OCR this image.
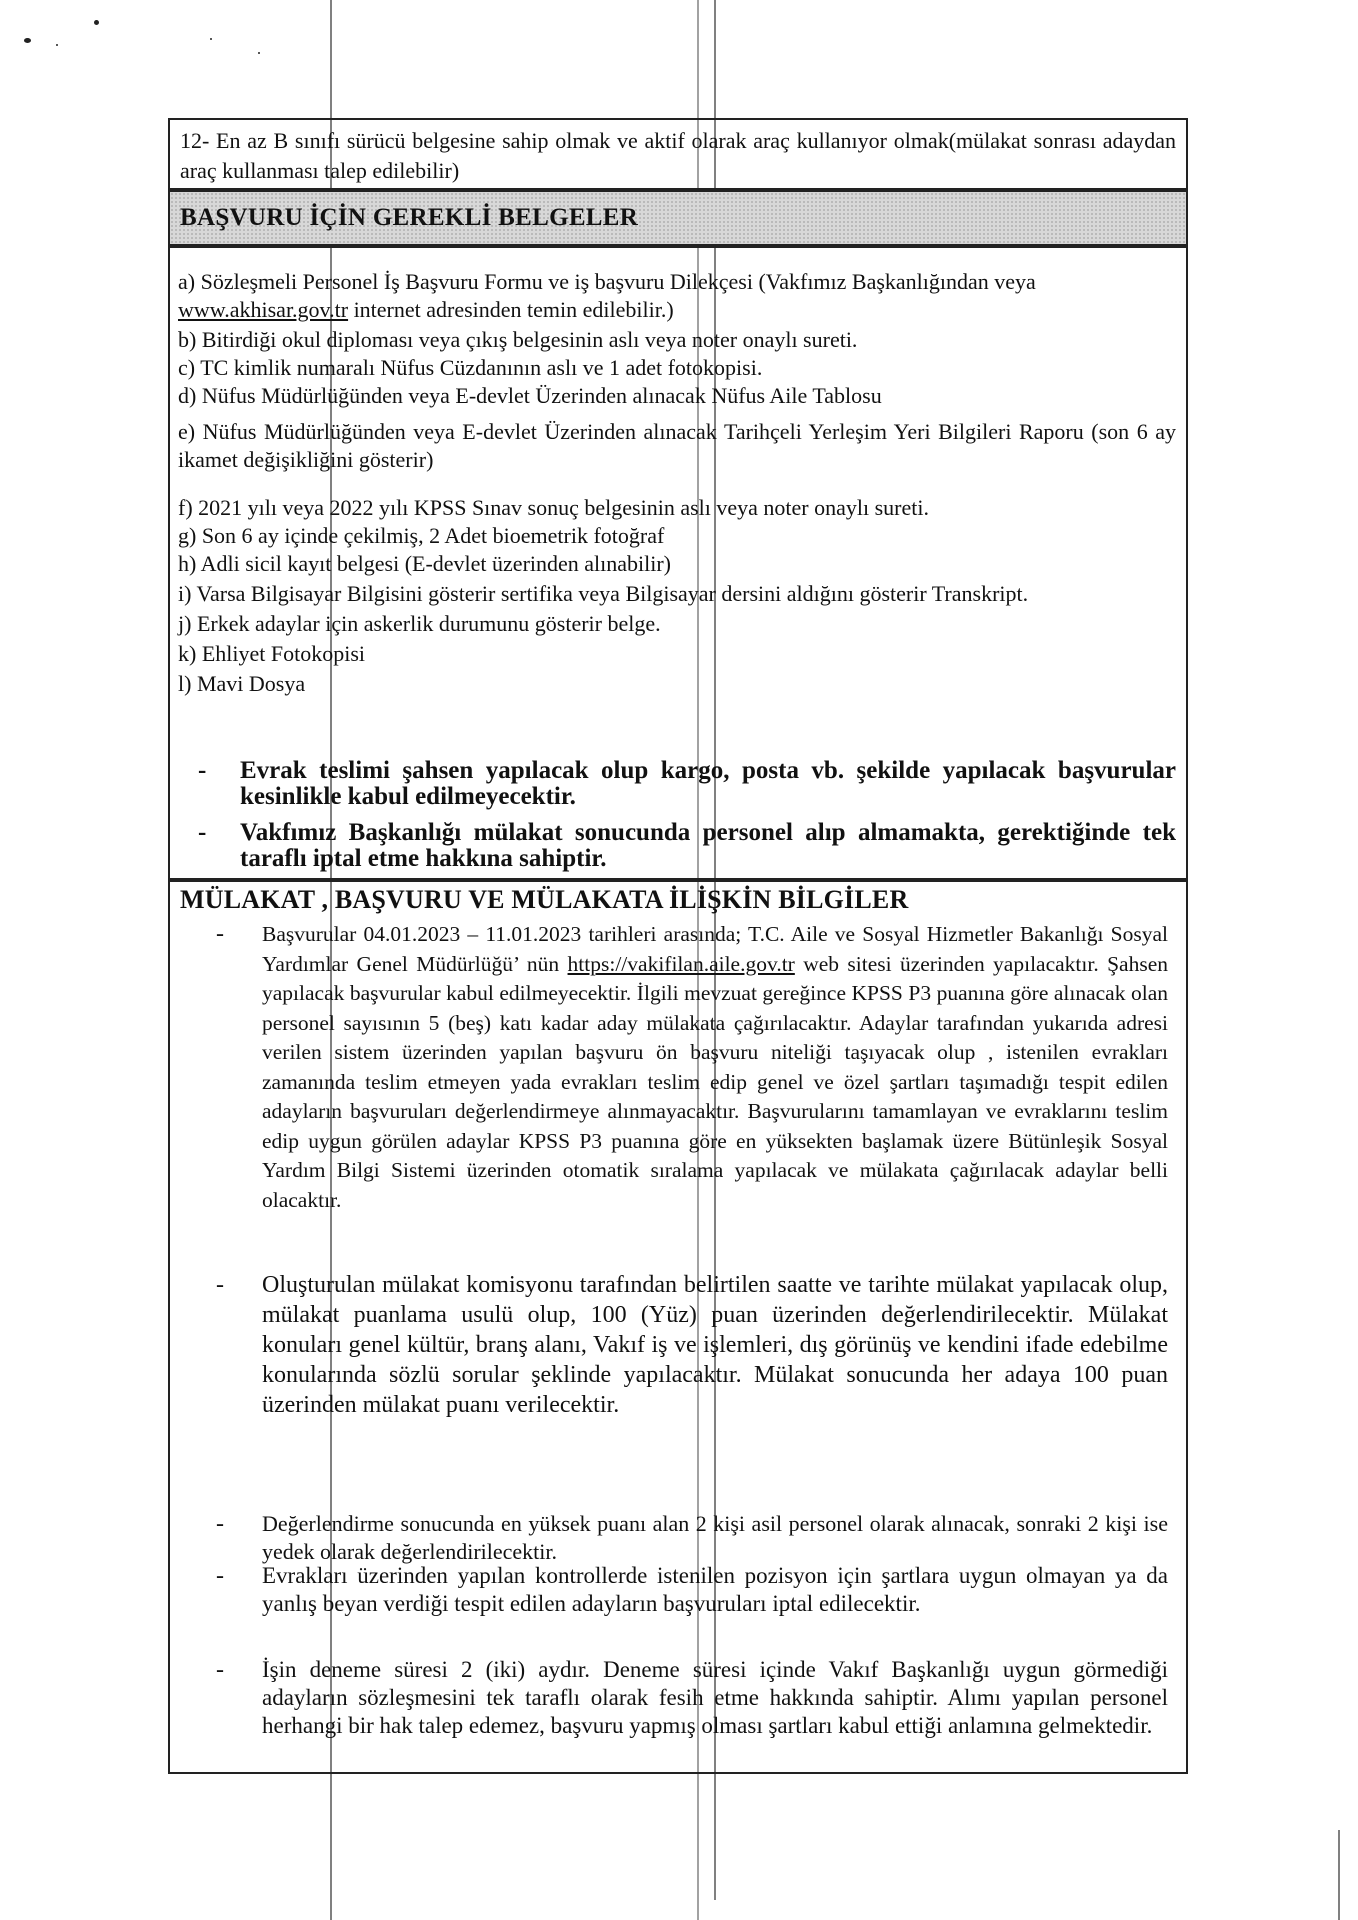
12- En az B sınıfı sürücü belgesine sahip olmak ve aktif olarak araç kullanıyor olmak(mülakat sonrası adaydan araç kullanması talep edilebilir)

BAŞVURU İÇİN GEREKLİ BELGELER
a) Sözleşmeli Personel İş Başvuru Formu ve iş başvuru Dilekçesi (Vakfımız Başkanlığından veya
www.akhisar.gov.tr internet adresinden temin edilebilir.)
b) Bitirdiği okul diploması veya çıkış belgesinin aslı veya noter onaylı sureti.
c) TC kimlik numaralı Nüfus Cüzdanının aslı ve 1 adet fotokopisi.
d) Nüfus Müdürlüğünden veya E-devlet Üzerinden alınacak Nüfus Aile Tablosu
e) Nüfus Müdürlüğünden veya E-devlet Üzerinden alınacak Tarihçeli Yerleşim Yeri Bilgileri Raporu (son 6 ay ikamet değişikliğini gösterir)
f) 2021 yılı veya 2022 yılı KPSS Sınav sonuç belgesinin aslı veya noter onaylı sureti.
g) Son 6 ay içinde çekilmiş, 2 Adet bioemetrik fotoğraf
h) Adli sicil kayıt belgesi (E-devlet üzerinden alınabilir)
i) Varsa Bilgisayar Bilgisini gösterir sertifika veya Bilgisayar dersini aldığını gösterir Transkript.
j) Erkek adaylar için askerlik durumunu gösterir belge.
k) Ehliyet Fotokopisi
l) Mavi Dosya
- Evrak teslimi şahsen yapılacak olup kargo, posta vb. şekilde yapılacak başvurular kesinlikle kabul edilmeyecektir.
- Vakfımız Başkanlığı mülakat sonucunda personel alıp almamakta, gerektiğinde tek taraflı iptal etme hakkına sahiptir.
MÜLAKAT , BAŞVURU VE MÜLAKATA İLİŞKİN BİLGİLER
- Başvurular 04.01.2023 – 11.01.2023 tarihleri arasında; T.C. Aile ve Sosyal Hizmetler Bakanlığı Sosyal Yardımlar Genel Müdürlüğü’ nün https://vakifilan.aile.gov.tr web sitesi üzerinden yapılacaktır. Şahsen yapılacak başvurular kabul edilmeyecektir. İlgili mevzuat gereğince KPSS P3 puanına göre alınacak olan personel sayısının 5 (beş) katı kadar aday mülakata çağırılacaktır. Adaylar tarafından yukarıda adresi verilen sistem üzerinden yapılan başvuru ön başvuru niteliği taşıyacak olup , istenilen evrakları zamanında teslim etmeyen yada evrakları teslim edip genel ve özel şartları taşımadığı tespit edilen adayların başvuruları değerlendirmeye alınmayacaktır. Başvurularını tamamlayan ve evraklarını teslim edip uygun görülen adaylar KPSS P3 puanına göre en yüksekten başlamak üzere Bütünleşik Sosyal Yardım Bilgi Sistemi üzerinden otomatik sıralama yapılacak ve mülakata çağırılacak adaylar belli olacaktır.
- Oluşturulan mülakat komisyonu tarafından belirtilen saatte ve tarihte mülakat yapılacak olup, mülakat puanlama usulü olup, 100 (Yüz) puan üzerinden değerlendirilecektir. Mülakat konuları genel kültür, branş alanı, Vakıf iş ve işlemleri, dış görünüş ve kendini ifade edebilme konularında sözlü sorular şeklinde yapılacaktır. Mülakat sonucunda her adaya 100 puan üzerinden mülakat puanı verilecektir.
- Değerlendirme sonucunda en yüksek puanı alan 2 kişi asil personel olarak alınacak, sonraki 2 kişi ise yedek olarak değerlendirilecektir.
- Evrakları üzerinden yapılan kontrollerde istenilen pozisyon için şartlara uygun olmayan ya da yanlış beyan verdiği tespit edilen adayların başvuruları iptal edilecektir.
- İşin deneme süresi 2 (iki) aydır. Deneme süresi içinde Vakıf Başkanlığı uygun görmediği adayların sözleşmesini tek taraflı olarak fesih etme hakkında sahiptir. Alımı yapılan personel herhangi bir hak talep edemez, başvuru yapmış olması şartları kabul ettiği anlamına gelmektedir.
